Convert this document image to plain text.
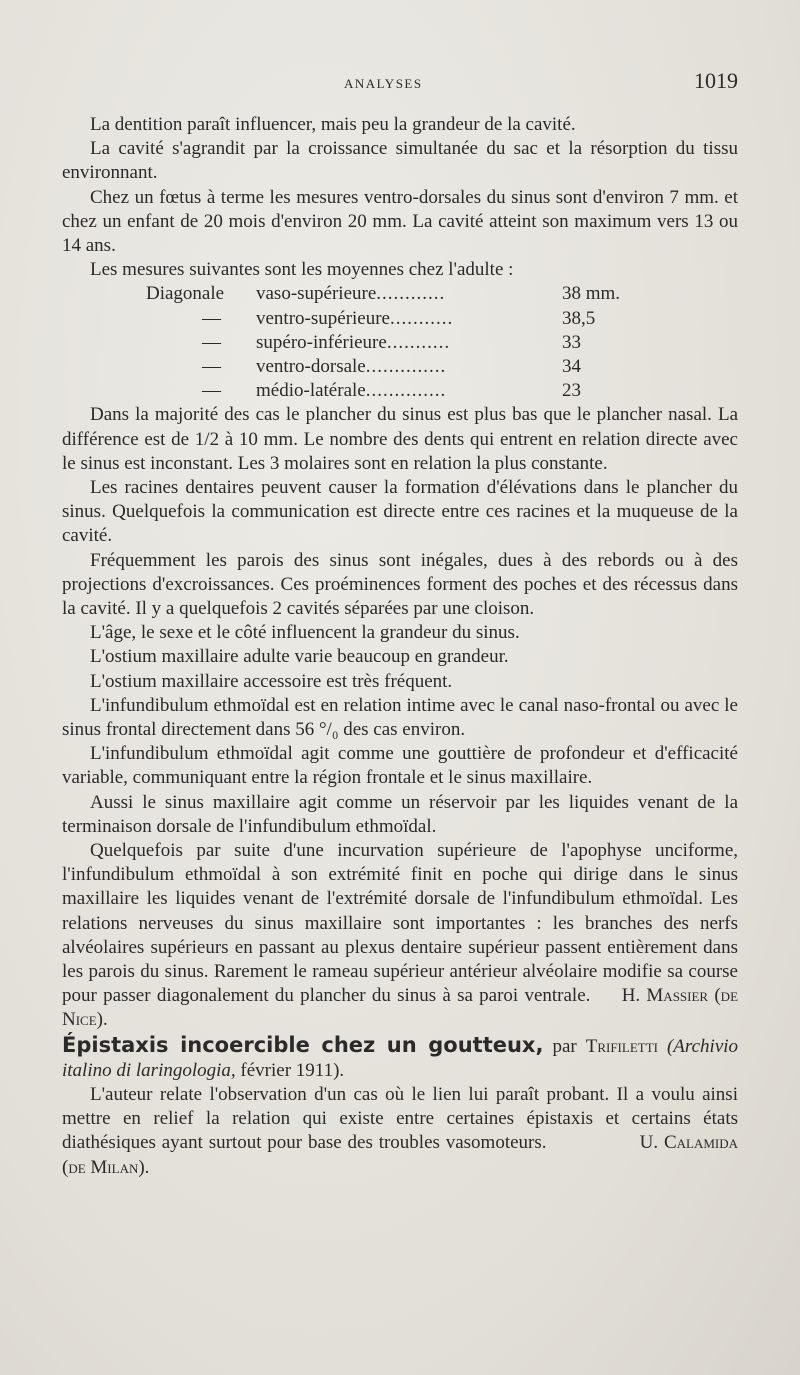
ANALYSES	1019

La dentition paraît influencer, mais peu la grandeur de la cavité.

La cavité s'agrandit par la croissance simultanée du sac et la résorption du tissu environnant.

Chez un fœtus à terme les mesures ventro-dorsales du sinus sont d'environ 7 mm. et chez un enfant de 20 mois d'environ 20 mm. La cavité atteint son maximum vers 13 ou 14 ans.

Les mesures suivantes sont les moyennes chez l'adulte :

Diagonale vaso-supérieure............	38 mm.
— ventro-supérieure...........	38,5
— supéro-inférieure...........	33
— ventro-dorsale..............	34
— médio-latérale..............	23

Dans la majorité des cas le plancher du sinus est plus bas que le plancher nasal. La différence est de 1/2 à 10 mm. Le nombre des dents qui entrent en relation directe avec le sinus est inconstant. Les 3 molaires sont en relation la plus constante.

Les racines dentaires peuvent causer la formation d'élévations dans le plancher du sinus. Quelquefois la communication est directe entre ces racines et la muqueuse de la cavité.

Fréquemment les parois des sinus sont inégales, dues à des rebords ou à des projections d'excroissances. Ces proéminences forment des poches et des récessus dans la cavité. Il y a quelquefois 2 cavités séparées par une cloison.

L'âge, le sexe et le côté influencent la grandeur du sinus.

L'ostium maxillaire adulte varie beaucoup en grandeur.

L'ostium maxillaire accessoire est très fréquent.

L'infundibulum ethmoïdal est en relation intime avec le canal naso-frontal ou avec le sinus frontal directement dans 56 °/₀ des cas environ.

L'infundibulum ethmoïdal agit comme une gouttière de profondeur et d'efficacité variable, communiquant entre la région frontale et le sinus maxillaire.

Aussi le sinus maxillaire agit comme un réservoir par les liquides venant de la terminaison dorsale de l'infundibulum ethmoïdal.

Quelquefois par suite d'une incurvation supérieure de l'apophyse unciforme, l'infundibulum ethmoïdal à son extrémité finit en poche qui dirige dans le sinus maxillaire les liquides venant de l'extrémité dorsale de l'infundibulum ethmoïdal. Les relations nerveuses du sinus maxillaire sont importantes : les branches des nerfs alvéolaires supérieurs en passant au plexus dentaire supérieur passent entièrement dans les parois du sinus. Rarement le rameau supérieur antérieur alvéolaire modifie sa course pour passer diagonalement du plancher du sinus à sa paroi ventrale. H. Massier (de Nice).

Épistaxis incoercible chez un goutteux, par Trifiletti (Archivio italino di laringologia, février 1911).

L'auteur relate l'observation d'un cas où le lien lui paraît probant. Il a voulu ainsi mettre en relief la relation qui existe entre certaines épistaxis et certains états diathésiques ayant surtout pour base des troubles vasomoteurs.	U. Calamida (de Milan).
